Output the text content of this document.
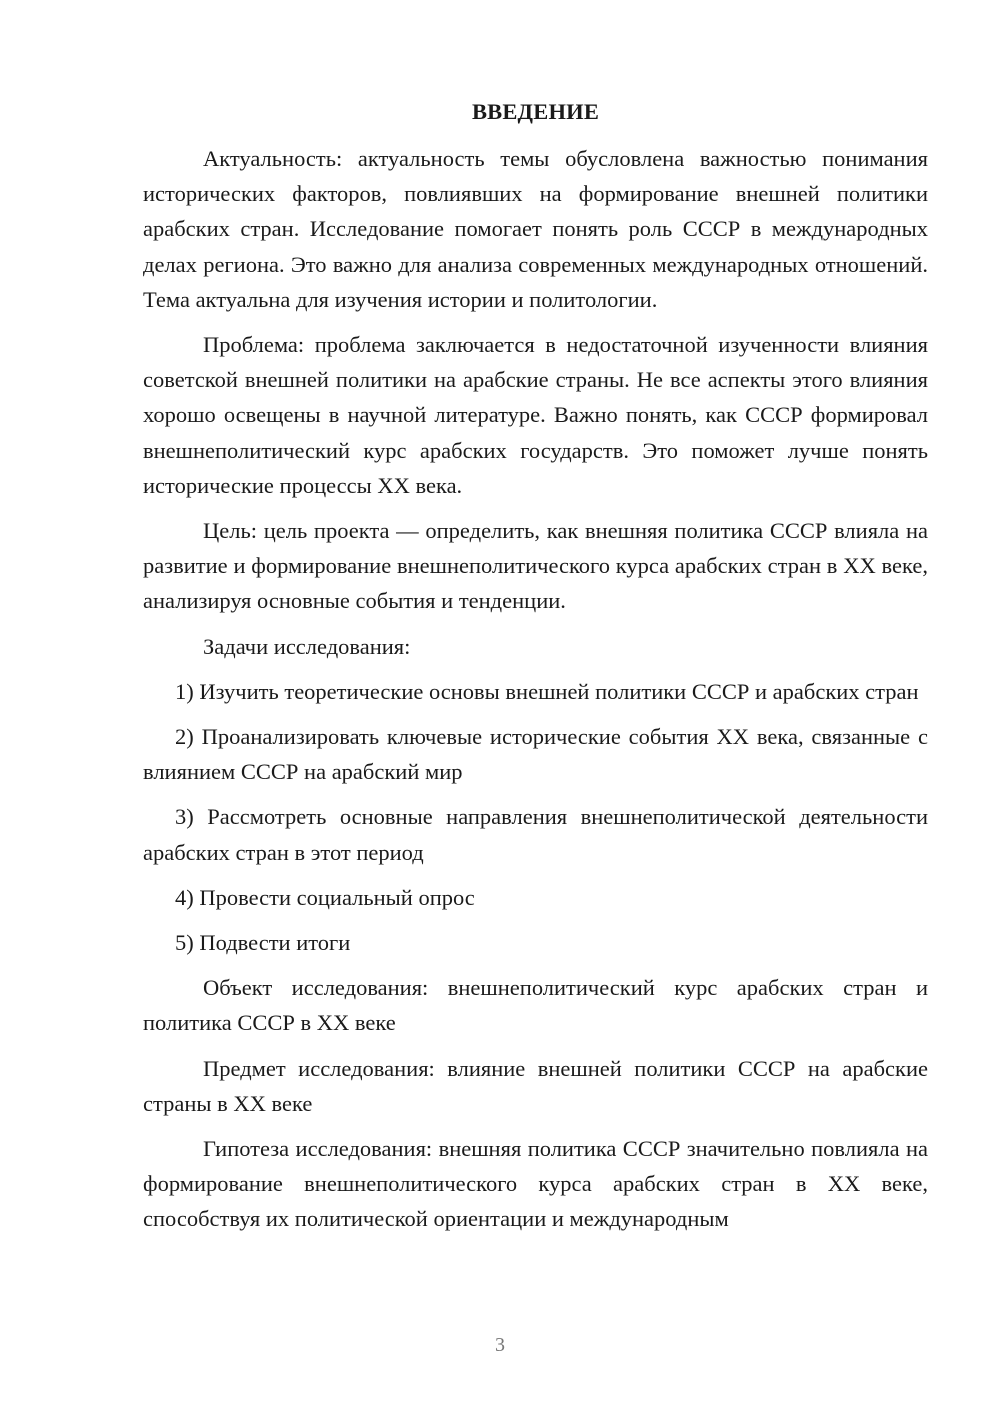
ВВЕДЕНИЕ

Актуальность: актуальность темы обусловлена важностью понимания исторических факторов, повлиявших на формирование внешней политики арабских стран. Исследование помогает понять роль СССР в международных делах региона. Это важно для анализа современных международных отношений. Тема актуальна для изучения истории и политологии.

Проблема: проблема заключается в недостаточной изученности влияния советской внешней политики на арабские страны. Не все аспекты этого влияния хорошо освещены в научной литературе. Важно понять, как СССР формировал внешнеполитический курс арабских государств. Это поможет лучше понять исторические процессы XX века.

Цель: цель проекта — определить, как внешняя политика СССР влияла на развитие и формирование внешнеполитического курса арабских стран в XX веке, анализируя основные события и тенденции.

Задачи исследования:

1) Изучить теоретические основы внешней политики СССР и арабских стран

2) Проанализировать ключевые исторические события XX века, связанные с влиянием СССР на арабский мир

3) Рассмотреть основные направления внешнеполитической деятельности арабских стран в этот период

4) Провести социальный опрос

5) Подвести итоги

Объект исследования: внешнеполитический курс арабских стран и политика СССР в XX веке

Предмет исследования: влияние внешней политики СССР на арабские страны в XX веке

Гипотеза исследования: внешняя политика СССР значительно повлияла на формирование внешнеполитического курса арабских стран в XX веке, способствуя их политической ориентации и международным

3
